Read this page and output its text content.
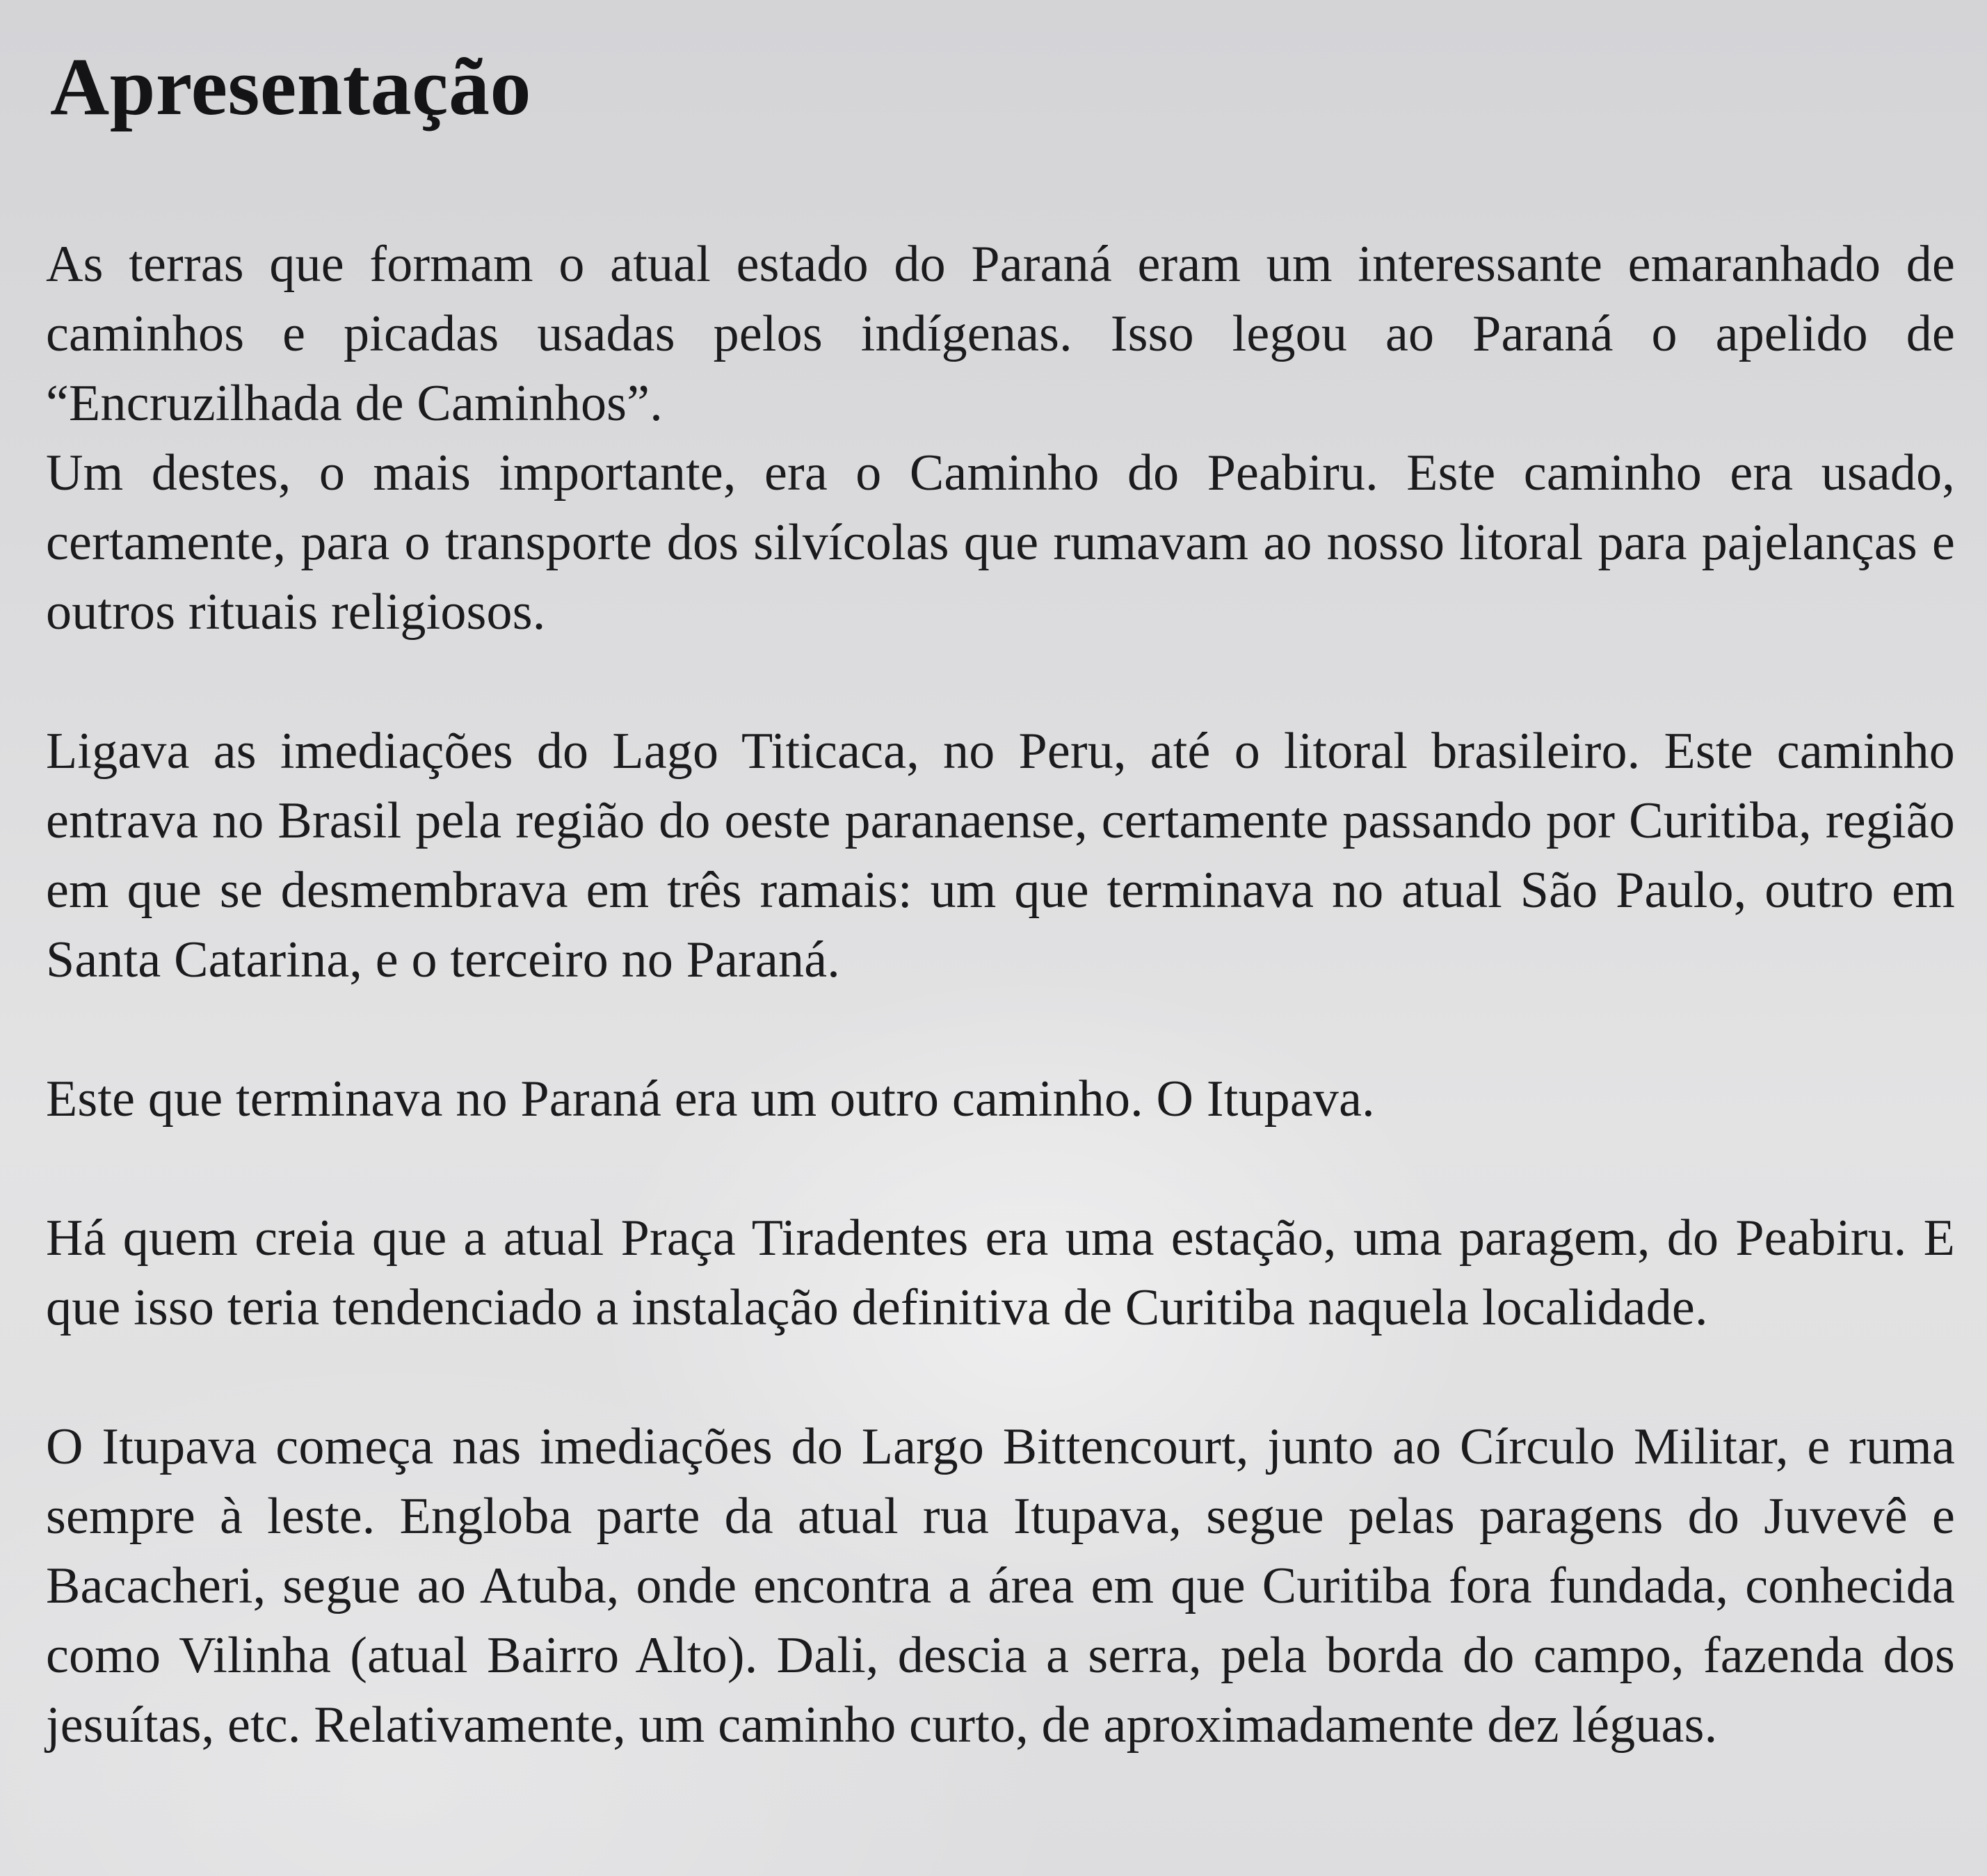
Apresentação

As terras que formam o atual estado do Paraná eram um interessante emaranhado de caminhos e picadas usadas pelos indígenas. Isso legou ao Paraná o apelido de “Encruzilhada de Caminhos”.

Um destes, o mais importante, era o Caminho do Peabiru. Este caminho era usado, certamente, para o transporte dos silvícolas que rumavam ao nosso litoral para pajelanças e outros rituais religiosos.

Ligava as imediações do Lago Titicaca, no Peru, até o litoral brasileiro. Este caminho entrava no Brasil pela região do oeste paranaense, certamente passando por Curitiba, região em que se desmembrava em três ramais: um que terminava no atual São Paulo, outro em Santa Catarina, e o terceiro no Paraná.

Este que terminava no Paraná era um outro caminho. O Itupava.

Há quem creia que a atual Praça Tiradentes era uma estação, uma paragem, do Peabiru. E que isso teria tendenciado a instalação definitiva de Curitiba naquela localidade.

O Itupava começa nas imediações do Largo Bittencourt, junto ao Círculo Militar, e ruma sempre à leste. Engloba parte da atual rua Itupava, segue pelas paragens do Juvevê e Bacacheri, segue ao Atuba, onde encontra a área em que Curitiba fora fundada, conhecida como Vilinha (atual Bairro Alto). Dali, descia a serra, pela borda do campo, fazenda dos jesuítas, etc. Relativamente, um caminho curto, de aproximadamente dez léguas.
